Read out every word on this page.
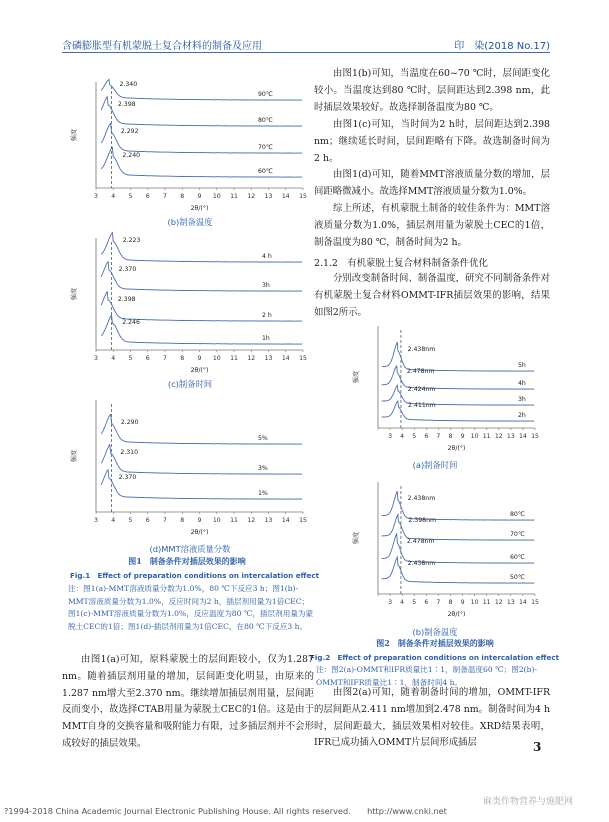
含磷膨胀型有机蒙脱土复合材料的制备及应用	印　染(2018 No.17)
3 4 5 6 7 8 9 10 11 12 13 14 15
强度
2θ/(°)
2.340
90℃
2.398
80℃
2.292
70℃
2.240
60℃
3 4 5 6 7 8 9 10 11 12 13 14 15
强度
2θ/(°)
2.223
4 h
2.370
3h
2.398
2 h
2.246
1h
3 4 5 6 7 8 9 10 11 12 13 14 15
强度
2θ/(°)
2.290
5%
2.310
3%
2.370
1%
3 4 5 6 7 8 9 10 11 12 13 14 15
强度
2θ/(°)
2.438nm
5h
2.478nm
4h
2.424nm
3h
2.411nm
2h
3 4 5 6 7 8 9 10 11 12 13 14 15
强度
2θ/(°)
2.438nm
80℃
2.398nm
70℃
2.478nm
60℃
2.438nm
50℃
(b)制备温度
(c)制备时间
(d)MMT溶液质量分数
(a)制备时间
(b)制备温度
图1　制备条件对插层效果的影响
Fig.1　Effect of preparation conditions on intercalation effect
注：图1(a)-MMT溶液质量分数为1.0%，80 ℃下反应3 h；图1(b)-MMT溶液质量分数为1.0%，反应时间为2 h，插层剂用量为1倍CEC；图1(c)-MMT溶液质量分数为1.0%，反应温度为80 ℃，插层剂用量为蒙脱土CEC的1倍；图1(d)-插层剂用量为1倍CEC，在80 ℃下反应3 h。
图2　制备条件对插层效果的影响
Fig.2　Effect of preparation conditions on intercalation effect
注：图2(a)-OMMT和IFR质量比1∶1，制备温度60 ℃；图2(b)-OMMT和IFR质量比1∶1，制备时间4 h。
由图1(a)可知，原料蒙脱土的层间距较小，仅为1.287 nm。随着插层剂用量的增加，层间距变化明显，由原来的1.287 nm增大至2.370 nm。继续增加插层剂用量，层间距反而变小，故选择CTAB用量为蒙脱土CEC的1倍。这是由于MMT自身的交换容量和吸附能力有限，过多插层剂并不会形成较好的插层效果。
由图1(b)可知，当温度在60~70 ℃时，层间距变化较小。当温度达到80 ℃时，层间距达到2.398 nm，此时插层效果较好。故选择制备温度为80 ℃。
由图1(c)可知，当时间为2 h时，层间距达到2.398 nm；继续延长时间，层间距略有下降。故选制备时间为2 h。
由图1(d)可知，随着MMT溶液质量分数的增加，层间距略微减小。故选择MMT溶液质量分数为1.0%。
综上所述，有机蒙脱土制备的较佳条件为：MMT溶液质量分数为1.0%，插层剂用量为蒙脱土CEC的1倍，制备温度为80 ℃，制备时间为2 h。
2.1.2　有机蒙脱土复合材料制备条件优化
分别改变制备时间、制备温度，研究不同制备条件对有机蒙脱土复合材料OMMT-IFR插层效果的影响，结果如图2所示。
由图2(a)可知，随着制备时间的增加，OMMT-IFR的层间距从2.411 nm增加到2.478 nm。制备时间为4 h时，层间距最大，插层效果相对较佳。XRD结果表明，IFR已成功插入OMMT片层间形成插层	3
麻类作物营养与施肥网
?1994-2018 China Academic Journal Electronic Publishing House. All rights reserved.　　http://www.cnki.net
